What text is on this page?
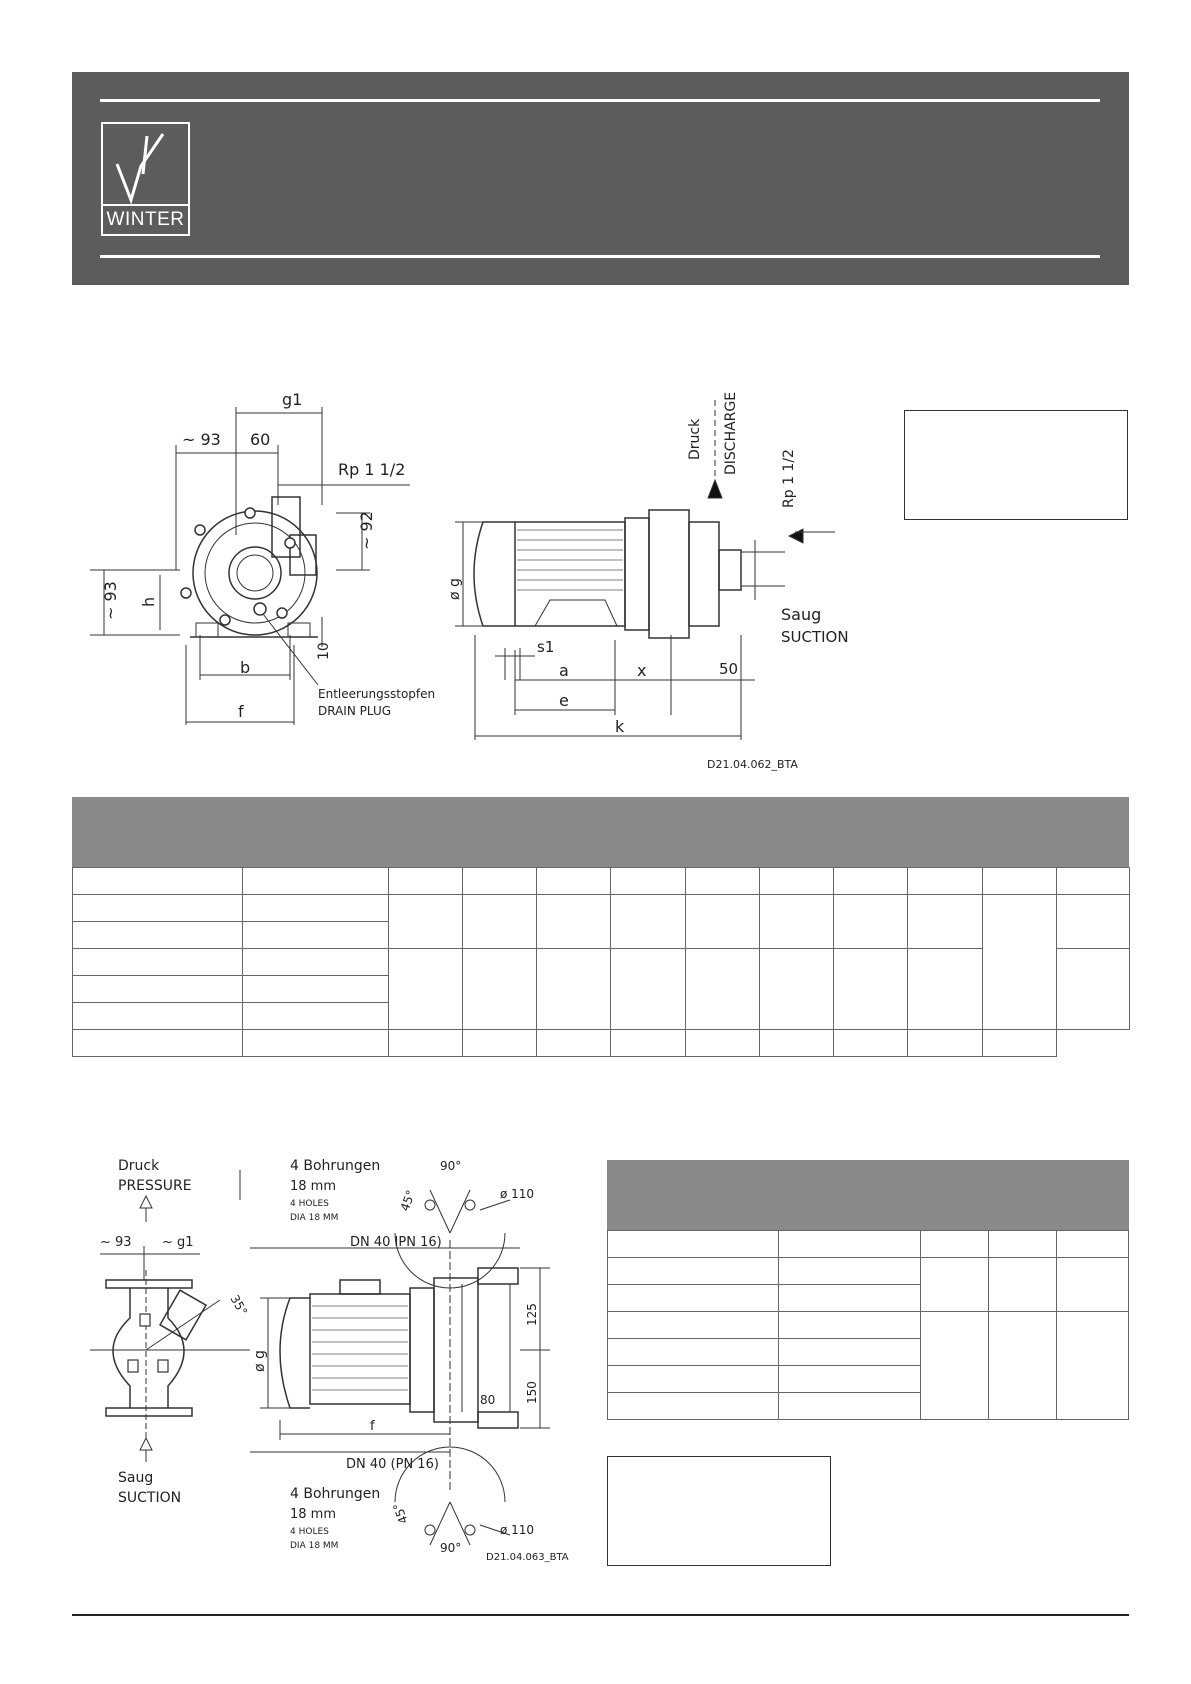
WINTER
g1
~ 93 60
Rp 1 1/2
~ 92
~ 93 h
10
b
f
Entleerungsstopfen
DRAIN PLUG
Druck DISCHARGE
Rp 1 1/2
ø g
Saug
SUCTION
s1
a	x	50
e
k
D21.04.062_BTA

Druck
PRESSURE
Saug
SUCTION
~ 93 ~ g1
35°
ø g
4 Bohrungen
18 mm
4 HOLES
DIA 18 MM
90°
45°	ø 110
DN 40 IPN 16)
125
150
80
f
DN 40 (PN 16)
4 Bohrungen
18 mm
4 HOLES
DIA 18 MM
45°
90°
ø 110
D21.04.063_BTA
